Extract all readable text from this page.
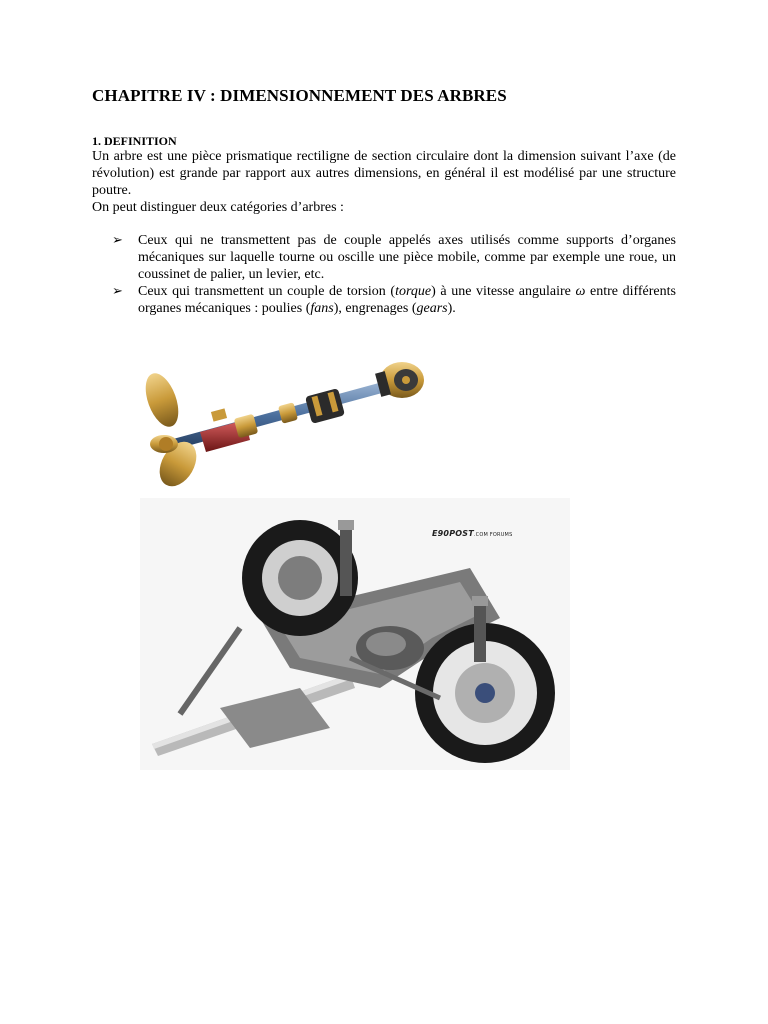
CHAPITRE IV : DIMENSIONNEMENT DES ARBRES
1. DEFINITION

Un arbre est une pièce prismatique rectiligne de section circulaire dont la dimension suivant l’axe (de révolution) est grande par rapport aux autres dimensions, en général il est modélisé par une structure poutre.

On peut distinguer deux catégories d’arbres :

➢ Ceux qui ne transmettent pas de couple appelés axes utilisés comme supports d’organes mécaniques sur laquelle tourne ou oscille une pièce mobile, comme par exemple une roue, un coussinet de palier, un levier, etc.
➢ Ceux qui transmettent un couple de torsion (torque) à une vitesse angulaire ω entre différents organes mécaniques : poulies (fans), engrenages (gears).
E90POST.COM FORUMS
